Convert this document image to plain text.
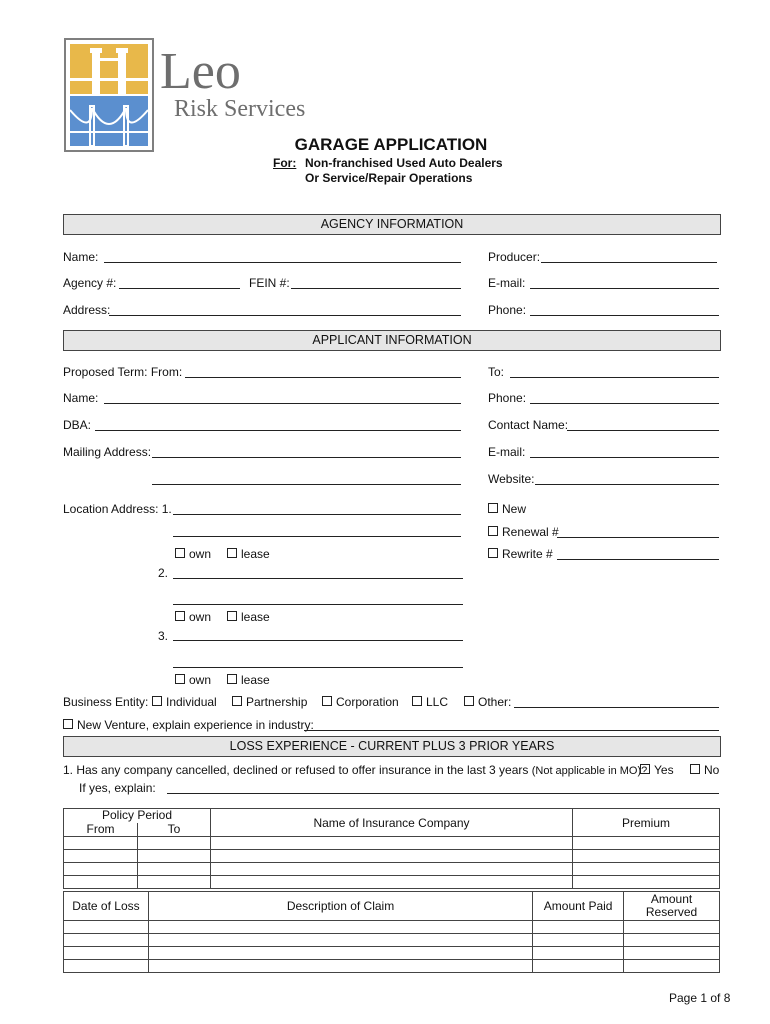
Leo
Risk Services
GARAGE APPLICATION
For: Non-franchised Used Auto Dealers
Or Service/Repair Operations
AGENCY INFORMATION
Name:	Producer:
Agency #:	FEIN #:	E-mail:
Address:	Phone:
APPLICANT INFORMATION
Proposed Term: From:	To:
Name:	Phone:
DBA:	Contact Name:
Mailing Address:	E-mail:
Website:
Location Address: 1.	New
Renewal #
Rewrite #
own	lease
2.
own	lease
3.
own	lease
Business Entity:	Individual	Partnership	Corporation	LLC	Other:
New Venture, explain experience in industry:
LOSS EXPERIENCE - CURRENT PLUS 3 PRIOR YEARS
1. Has any company cancelled, declined or refused to offer insurance in the last 3 years (Not applicable in MO)? Yes	No
If yes, explain:
Policy Period		Name of Insurance Company	Premium
From	To		

Date of Loss	Description of Claim	Amount Paid	Amount
Reserved

Page 1 of 8
